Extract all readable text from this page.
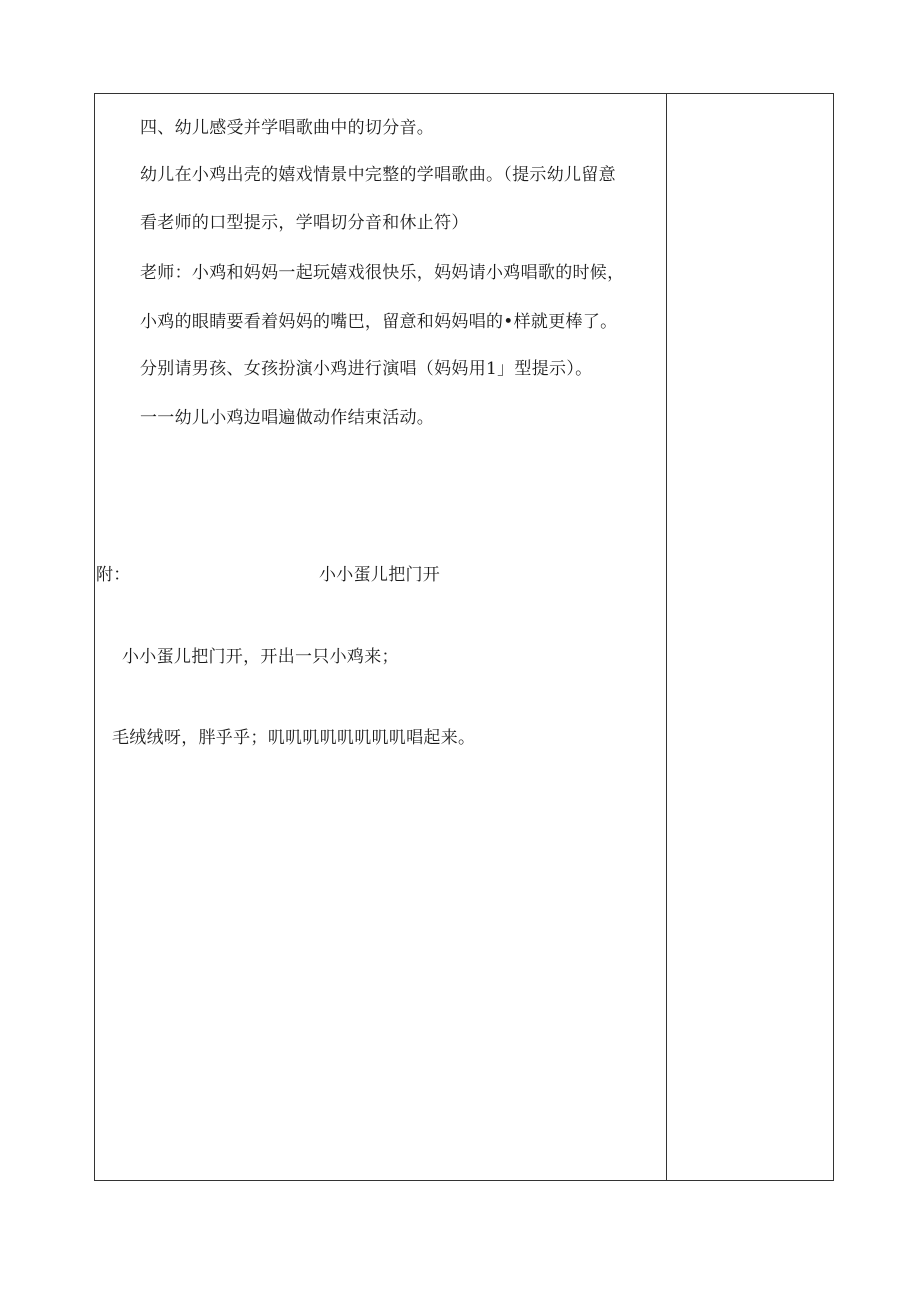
四、幼儿感受并学唱歌曲中的切分音。
幼儿在小鸡出壳的嬉戏情景中完整的学唱歌曲。（提示幼儿留意
看老师的口型提示，学唱切分音和休止符）
老师：小鸡和妈妈一起玩嬉戏很快乐，妈妈请小鸡唱歌的时候，
小鸡的眼睛要看着妈妈的嘴巴，留意和妈妈唱的•样就更棒了。
分别请男孩、女孩扮演小鸡进行演唱（妈妈用1」型提示）。
一一幼儿小鸡边唱遍做动作结束活动。
附：	小小蛋儿把门开
小小蛋儿把门开，开出一只小鸡来；
毛绒绒呀，胖乎乎；叽叽叽叽叽叽叽叽唱起来。
